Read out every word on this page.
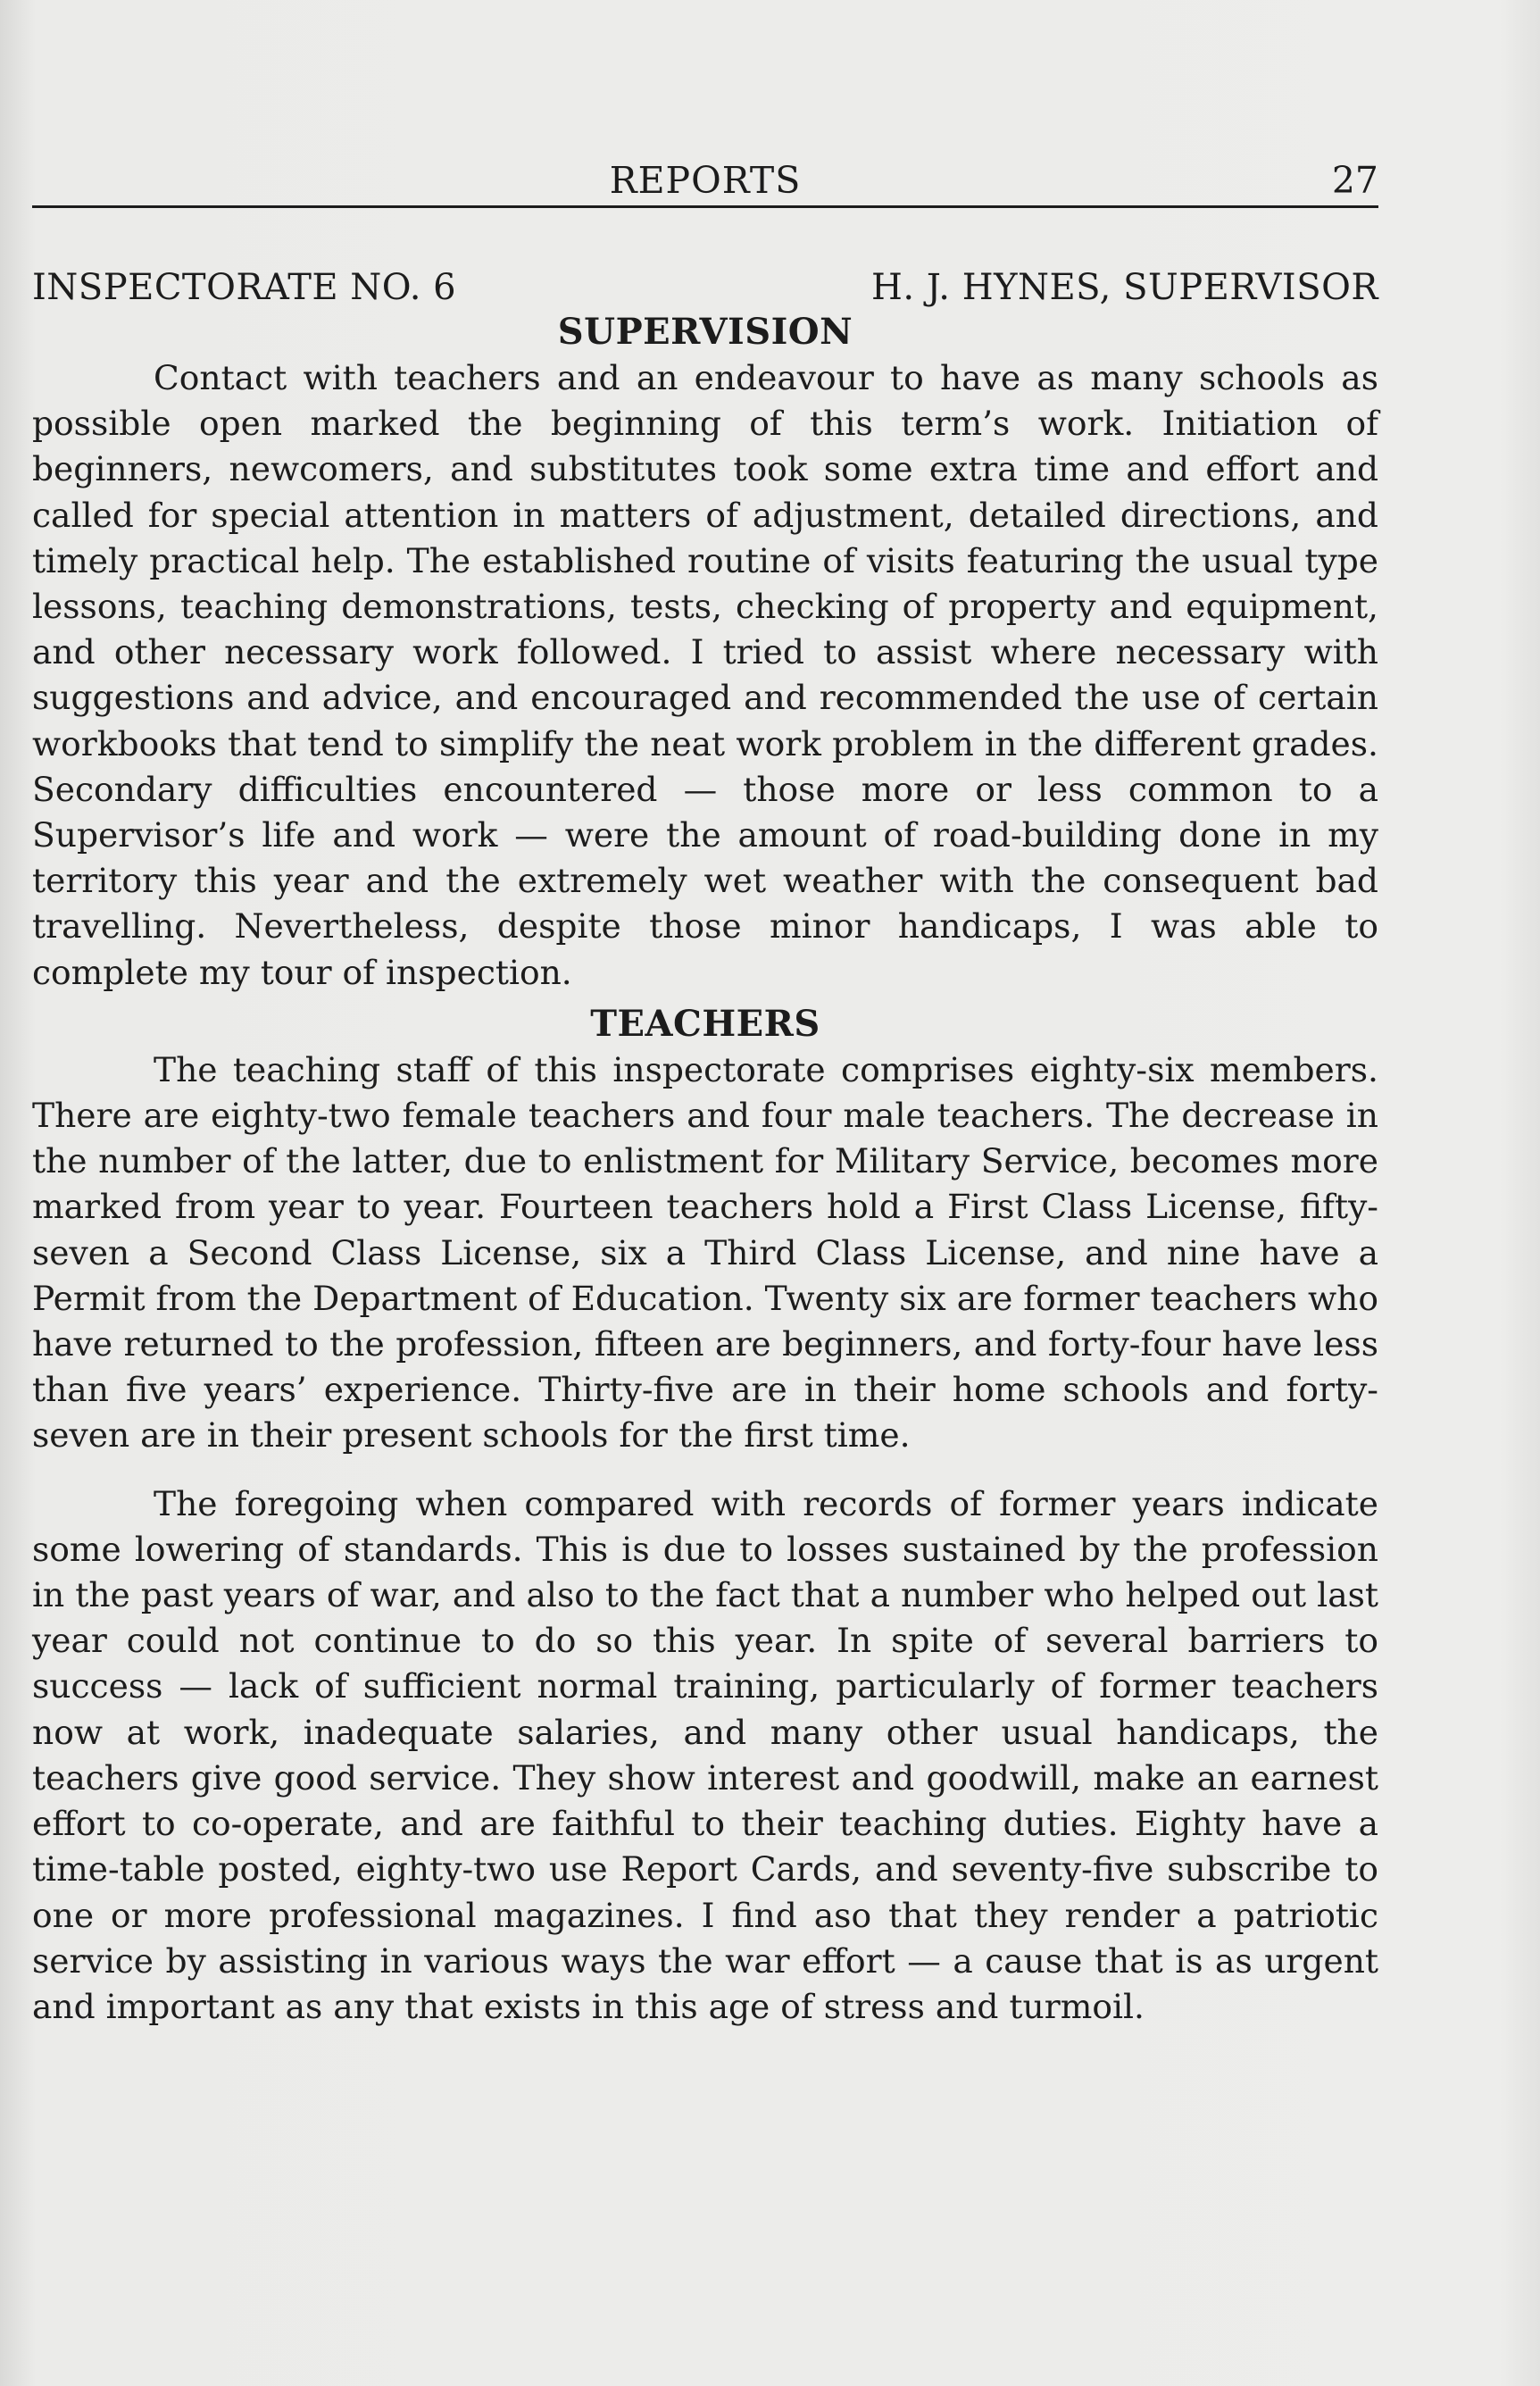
REPORTS	27
INSPECTORATE NO. 6	H. J. HYNES, SUPERVISOR
SUPERVISION

Contact with teachers and an endeavour to have as many schools as possible open marked the beginning of this term’s work. Initiation of beginners, newcomers, and substitutes took some extra time and effort and called for special attention in matters of adjustment, detailed directions, and timely practical help. The established routine of visits featuring the usual type lessons, teaching demonstrations, tests, checking of property and equipment, and other necessary work followed. I tried to assist where necessary with suggestions and advice, and encouraged and recommended the use of certain workbooks that tend to simplify the neat work problem in the different grades. Secondary difficulties encountered — those more or less common to a Supervisor’s life and work — were the amount of road-building done in my territory this year and the extremely wet weather with the consequent bad travelling. Nevertheless, despite those minor handicaps, I was able to complete my tour of inspection.

TEACHERS

The teaching staff of this inspectorate comprises eighty-six members. There are eighty-two female teachers and four male teachers. The decrease in the number of the latter, due to enlistment for Military Service, becomes more marked from year to year. Fourteen teachers hold a First Class License, fifty-seven a Second Class License, six a Third Class License, and nine have a Permit from the Department of Education. Twenty six are former teachers who have returned to the profession, fifteen are beginners, and forty-four have less than five years’ experience. Thirty-five are in their home schools and forty-seven are in their present schools for the first time.

The foregoing when compared with records of former years indicate some lowering of standards. This is due to losses sustained by the profession in the past years of war, and also to the fact that a number who helped out last year could not continue to do so this year. In spite of several barriers to success — lack of sufficient normal training, particularly of former teachers now at work, inadequate salaries, and many other usual handicaps, the teachers give good service. They show interest and goodwill, make an earnest effort to co-operate, and are faithful to their teaching duties. Eighty have a time-table posted, eighty-two use Report Cards, and seventy-five subscribe to one or more professional magazines. I find aso that they render a patriotic service by assisting in various ways the war effort — a cause that is as urgent and important as any that exists in this age of stress and turmoil.
